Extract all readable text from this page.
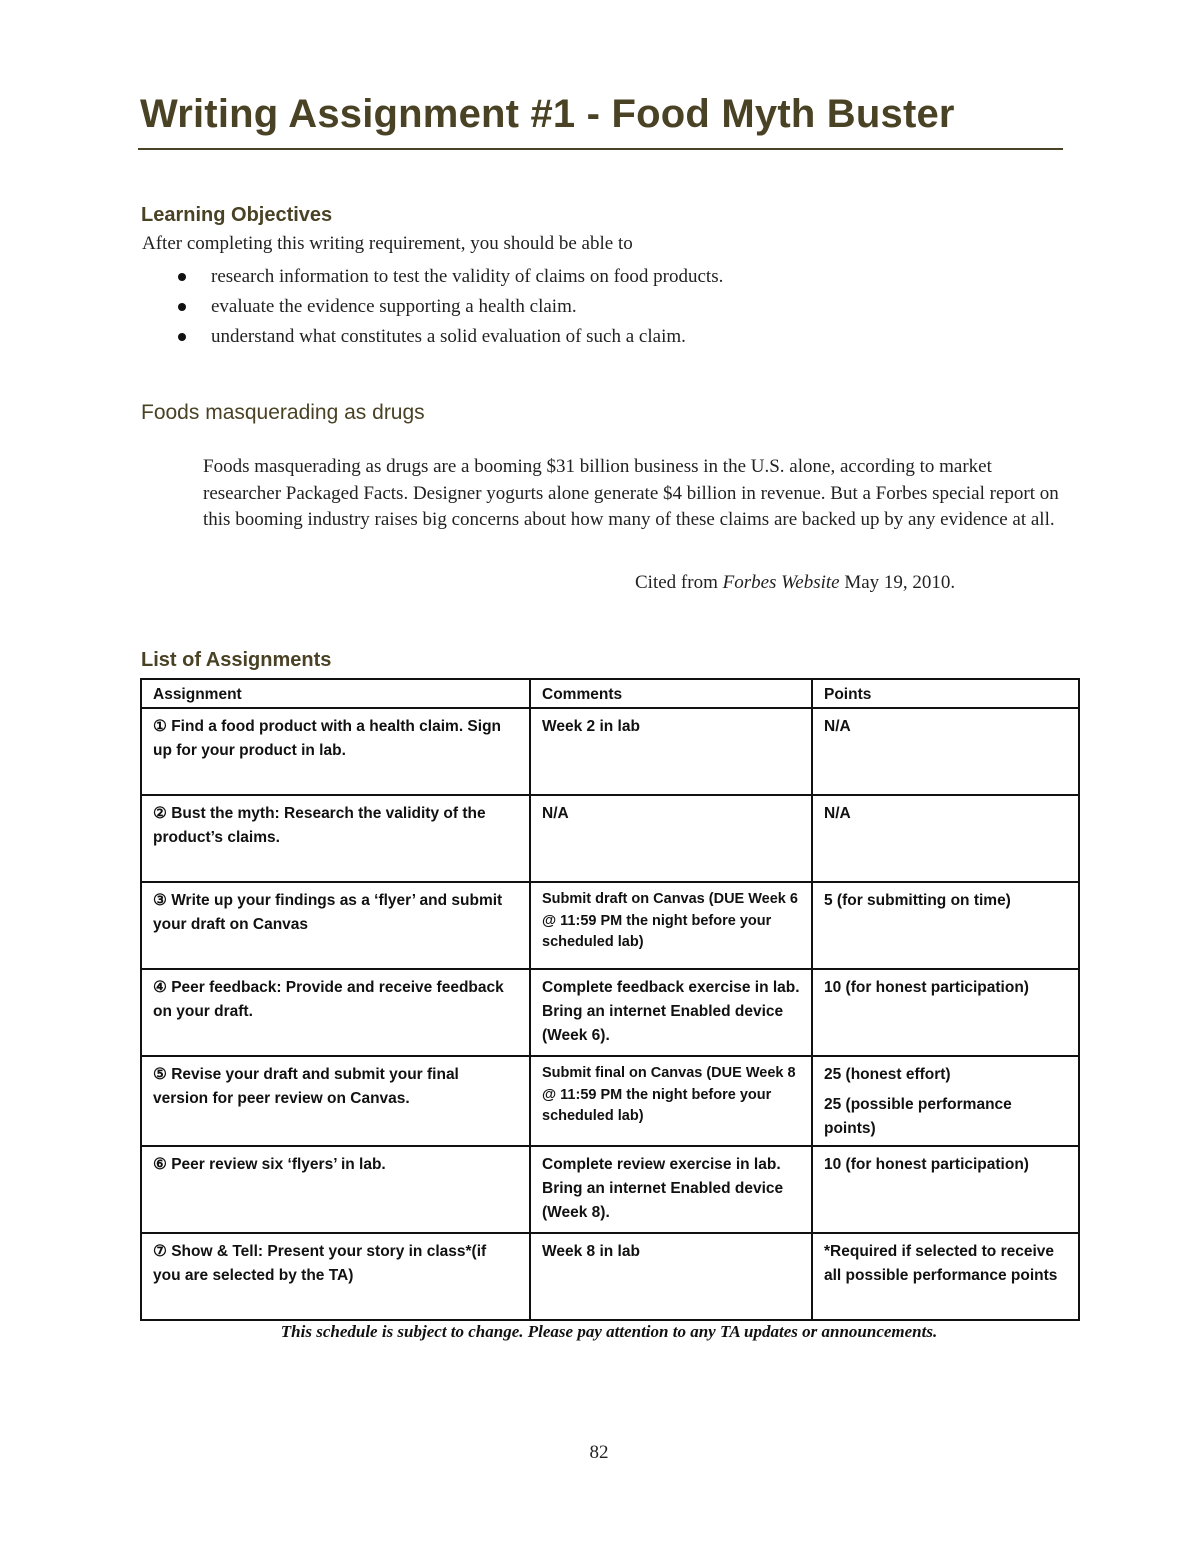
Writing Assignment #1 - Food Myth Buster
Learning Objectives
After completing this writing requirement, you should be able to
research information to test the validity of claims on food products.
evaluate the evidence supporting a health claim.
understand what constitutes a solid evaluation of such a claim.
Foods masquerading as drugs

Foods masquerading as drugs are a booming $31 billion business in the U.S. alone, according to market researcher Packaged Facts. Designer yogurts alone generate $4 billion in revenue. But a Forbes special report on this booming industry raises big concerns about how many of these claims are backed up by any evidence at all.

Cited from Forbes Website May 19, 2010.
List of Assignments
Assignment	Comments	Points
① Find a food product with a health claim. Sign up for your product in lab.	Week 2 in lab	N/A

② Bust the myth: Research the validity of the product’s claims.	N/A	N/A

③ Write up your findings as a ‘flyer’ and submit your draft on Canvas	Submit draft on Canvas (DUE Week 6 @ 11:59 PM the night before your scheduled lab)	5 (for submitting on time)

④ Peer feedback: Provide and receive feedback on your draft.	Complete feedback exercise in lab. Bring an internet Enabled device (Week 6).	10 (for honest participation)

⑤ Revise your draft and submit your final version for peer review on Canvas.	Submit final on Canvas (DUE Week 8 @ 11:59 PM the night before your scheduled lab)	25 (honest effort)
25 (possible performance points)

⑥ Peer review six ‘flyers’ in lab.	Complete review exercise in lab. Bring an internet Enabled device (Week 8).	10 (for honest participation)

⑦ Show & Tell: Present your story in class*(if you are selected by the TA)	Week 8 in lab	*Required if selected to receive all possible performance points
This schedule is subject to change. Please pay attention to any TA updates or announcements.
82
